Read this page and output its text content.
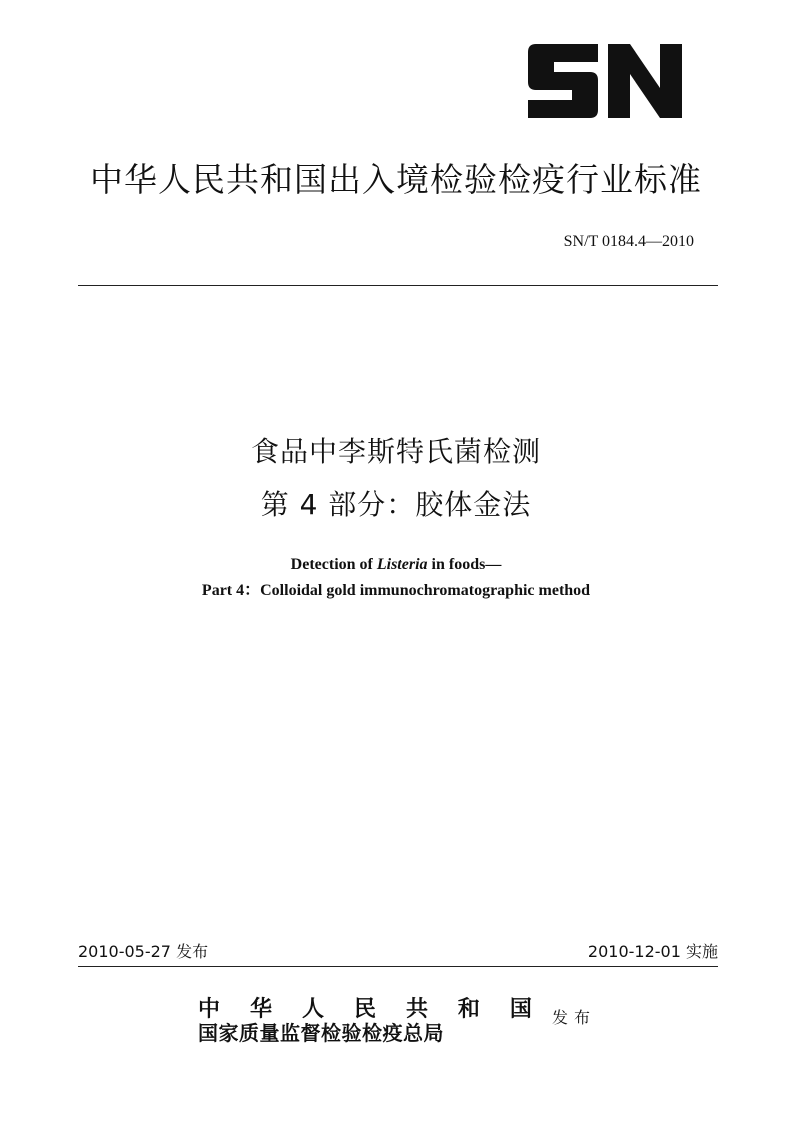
中华人民共和国出入境检验检疫行业标准
SN/T 0184.4—2010
食品中李斯特氏菌检测
第 4 部分：胶体金法
Detection of Listeria in foods—
Part 4：Colloidal gold immunochromatographic method
2010-05-27 发布	2010-12-01 实施
中 华 人 民 共 和 国
国家质量监督检验检疫总局
发布
